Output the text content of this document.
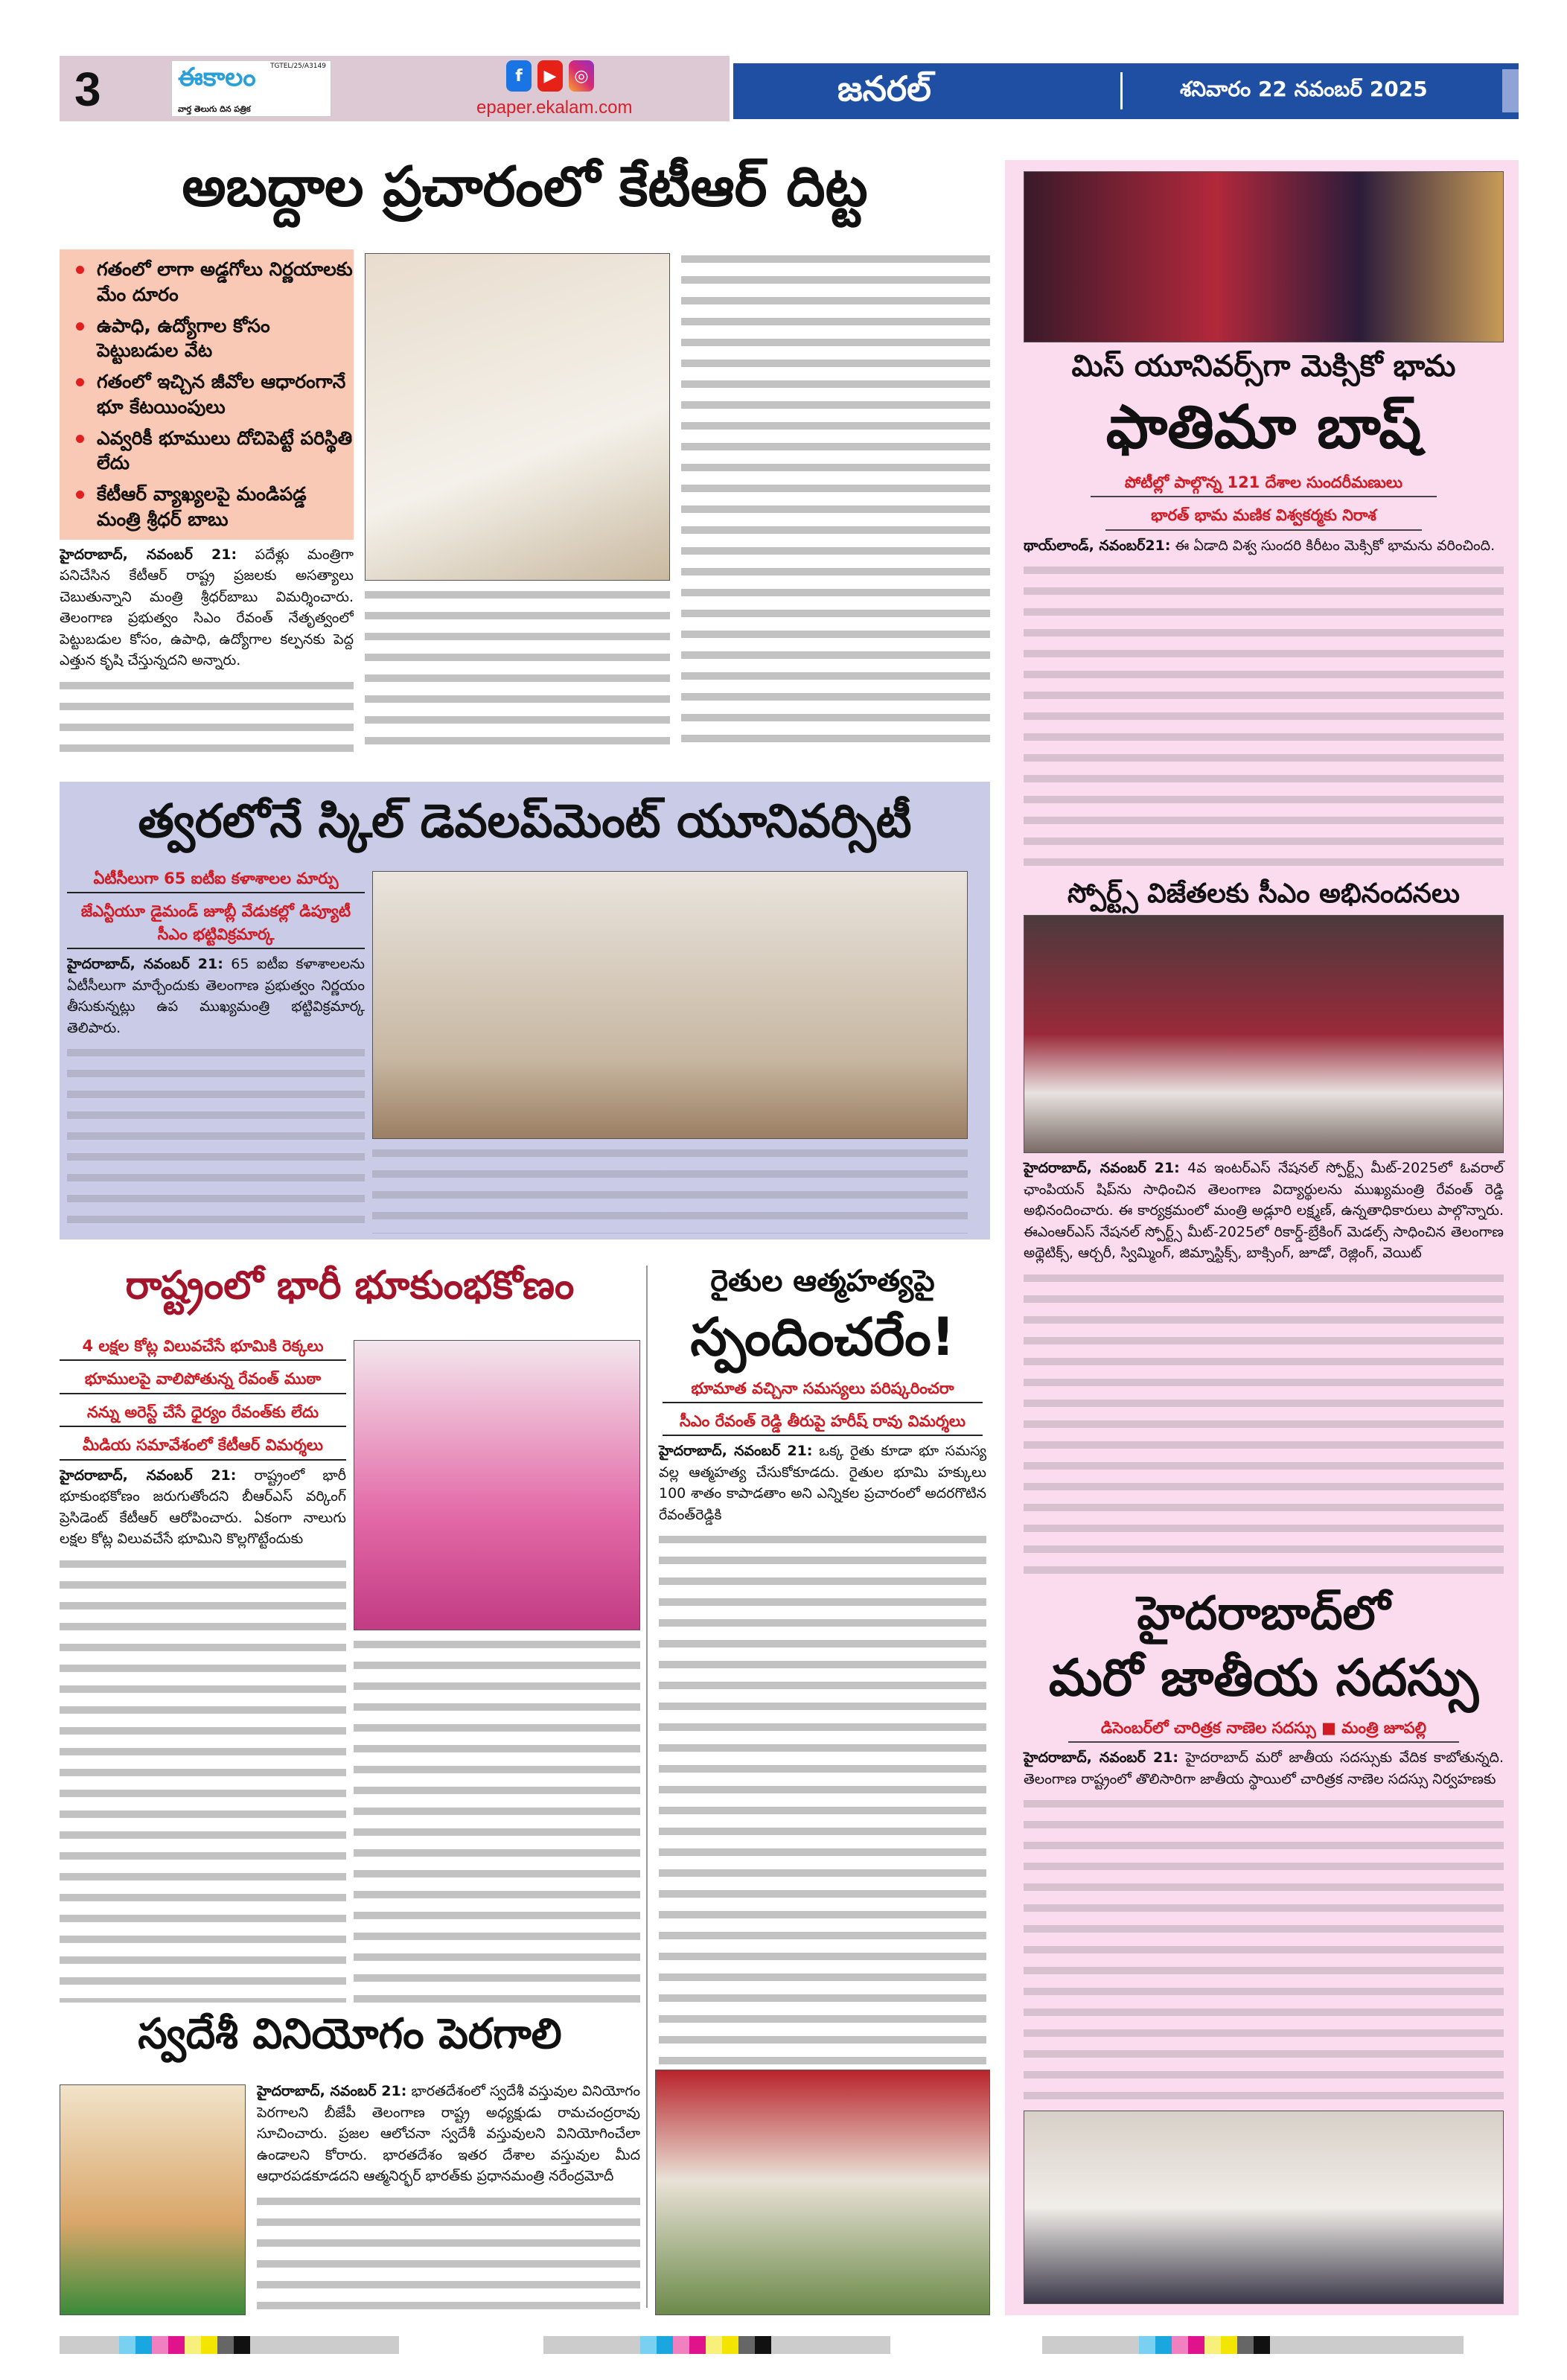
3	ఈకాలం
వార్త తెలుగు దిన పత్రిక
TGTEL/25/A3149
f	▶	◎
epaper.ekalam.com	జనరల్	శనివారం 22 నవంబర్ 2025
అబద్దాల ప్రచారంలో కేటీఆర్ దిట్ట
గతంలో లాగా అడ్డగోలు నిర్ణయాలకు మేం దూరం
ఉపాధి, ఉద్యోగాల కోసం పెట్టుబడుల వేట
గతంలో ఇచ్చిన జీవోల ఆధారంగానే భూ కేటయింపులు
ఎవ్వరికీ భూములు దోచిపెట్టే పరిస్థితి లేదు
కేటీఆర్ వ్యాఖ్యలపై మండిపడ్డ మంత్రి శ్రీధర్ బాబు
హైదరాబాద్, నవంబర్ 21: పదేళ్లు మంత్రిగా పనిచేసిన కేటీఆర్ రాష్ట్ర ప్రజలకు అసత్యాలు చెబుతున్నాని మంత్రి శ్రీధర్‌బాబు విమర్శించారు. తెలంగాణ ప్రభుత్వం సిఎం రేవంత్ నేతృత్వంలో పెట్టుబడుల కోసం, ఉపాధి, ఉద్యోగాల కల్పనకు పెద్ద ఎత్తున కృషి చేస్తున్నదని అన్నారు.
త్వరలోనే స్కిల్ డెవలప్‌మెంట్ యూనివర్సిటీ
ఏటీసీలుగా 65 ఐటీఐ కళాశాలల మార్పు
జేఎన్టీయూ డైమండ్ జూబ్లీ వేడుకల్లో డిప్యూటీ సీఎం భట్టివిక్రమార్క
హైదరాబాద్, నవంబర్ 21: 65 ఐటీఐ కళాశాలలను ఏటీసీలుగా మార్చేందుకు తెలంగాణ ప్రభుత్వం నిర్ణయం తీసుకున్నట్లు ఉప ముఖ్యమంత్రి భట్టివిక్రమార్క తెలిపారు.
రాష్ట్రంలో భారీ భూకుంభకోణం
4 లక్షల కోట్ల విలువచేసే భూమికి రెక్కలు
భూములపై వాలిపోతున్న రేవంత్ ముఠా
నన్ను అరెస్ట్ చేసే ధైర్యం రేవంత్‌కు లేదు
మీడియ సమావేశంలో కేటీఆర్ విమర్శలు
హైదరాబాద్, నవంబర్ 21: రాష్ట్రంలో భారీ భూకుంభకోణం జరుగుతోందని బీఆర్ఎస్ వర్కింగ్ ప్రెసిడెంట్ కేటీఆర్ ఆరోపించారు. ఏకంగా నాలుగు లక్షల కోట్ల విలువచేసే భూమిని కొల్లగొట్టేందుకు
రైతుల ఆత్మహత్యపై
స్పందించరేం!
భూమాత వచ్చినా సమస్యలు పరిష్కరించరా
సీఎం రేవంత్ రెడ్డి తీరుపై హరీష్ రావు విమర్శలు
హైదరాబాద్, నవంబర్ 21: ఒక్క రైతు కూడా భూ సమస్య వల్ల ఆత్మహత్య చేసుకోకూడదు. రైతుల భూమి హక్కులు 100 శాతం కాపాడతాం అని ఎన్నికల ప్రచారంలో అదరగొటిన రేవంత్‌రెడ్డికి
స్వదేశీ వినియోగం పెరగాలి
హైదరాబాద్, నవంబర్ 21: భారతదేశంలో స్వదేశీ వస్తువుల వినియోగం పెరగాలని బీజేపీ తెలంగాణ రాష్ట్ర అధ్యక్షుడు రామచంద్రరావు సూచించారు. ప్రజల ఆలోచనా స్వదేశీ వస్తువులని వినియోగించేలా ఉండాలని కోరారు. భారతదేశం ఇతర దేశాల వస్తువుల మీద ఆధారపడకూడదని ఆత్మనిర్భర్ భారత్‌కు ప్రధానమంత్రి నరేంద్రమోదీ
మిస్ యూనివర్స్‌గా మెక్సికో భామ
ఫాతిమా బాష్
పోటీల్లో పాల్గొన్న 121 దేశాల సుందరీమణులు
భారత్ భామ మణిక విశ్వకర్మకు నిరాశ
థాయ్‌లాండ్, నవంబర్21: ఈ ఏడాది విశ్వ సుందరి కిరీటం మెక్సికో భామను వరించింది.
స్పోర్ట్స్ విజేతలకు సీఎం అభినందనలు
హైదరాబాద్, నవంబర్ 21: 4వ ఇంటర్‌ఎస్ నేషనల్ స్పోర్ట్స్ మీట్-2025లో ఓవరాల్ ఛాంపియన్ షిప్‌ను సాధించిన తెలంగాణ విద్యార్థులను ముఖ్యమంత్రి రేవంత్ రెడ్డి అభినందించారు. ఈ కార్యక్రమంలో మంత్రి అడ్లూరి లక్ష్మణ్, ఉన్నతాధికారులు పాల్గొన్నారు. ఈఎంఆర్ఎస్ నేషనల్ స్పోర్ట్స్ మీట్-2025లో రికార్డ్-బ్రేకింగ్ మెడల్స్ సాధించిన తెలంగాణ అథ్లెటిక్స్, ఆర్చరీ, స్విమ్మింగ్, జిమ్నాస్టిక్స్, బాక్సింగ్, జూడో, రెజ్లింగ్, వెయిట్
హైదరాబాద్‌లో
మరో జాతీయ సదస్సు
డిసెంబర్‌లో చారిత్రక నాణెల సదస్సు ■ మంత్రి జూపల్లి
హైదరాబాద్, నవంబర్ 21: హైదరాబాద్ మరో జాతీయ సదస్సుకు వేదిక కాబోతున్నది. తెలంగాణ రాష్ట్రంలో తొలిసారిగా జాతీయ స్థాయిలో చారిత్రక నాణెల సదస్సు నిర్వహణకు
